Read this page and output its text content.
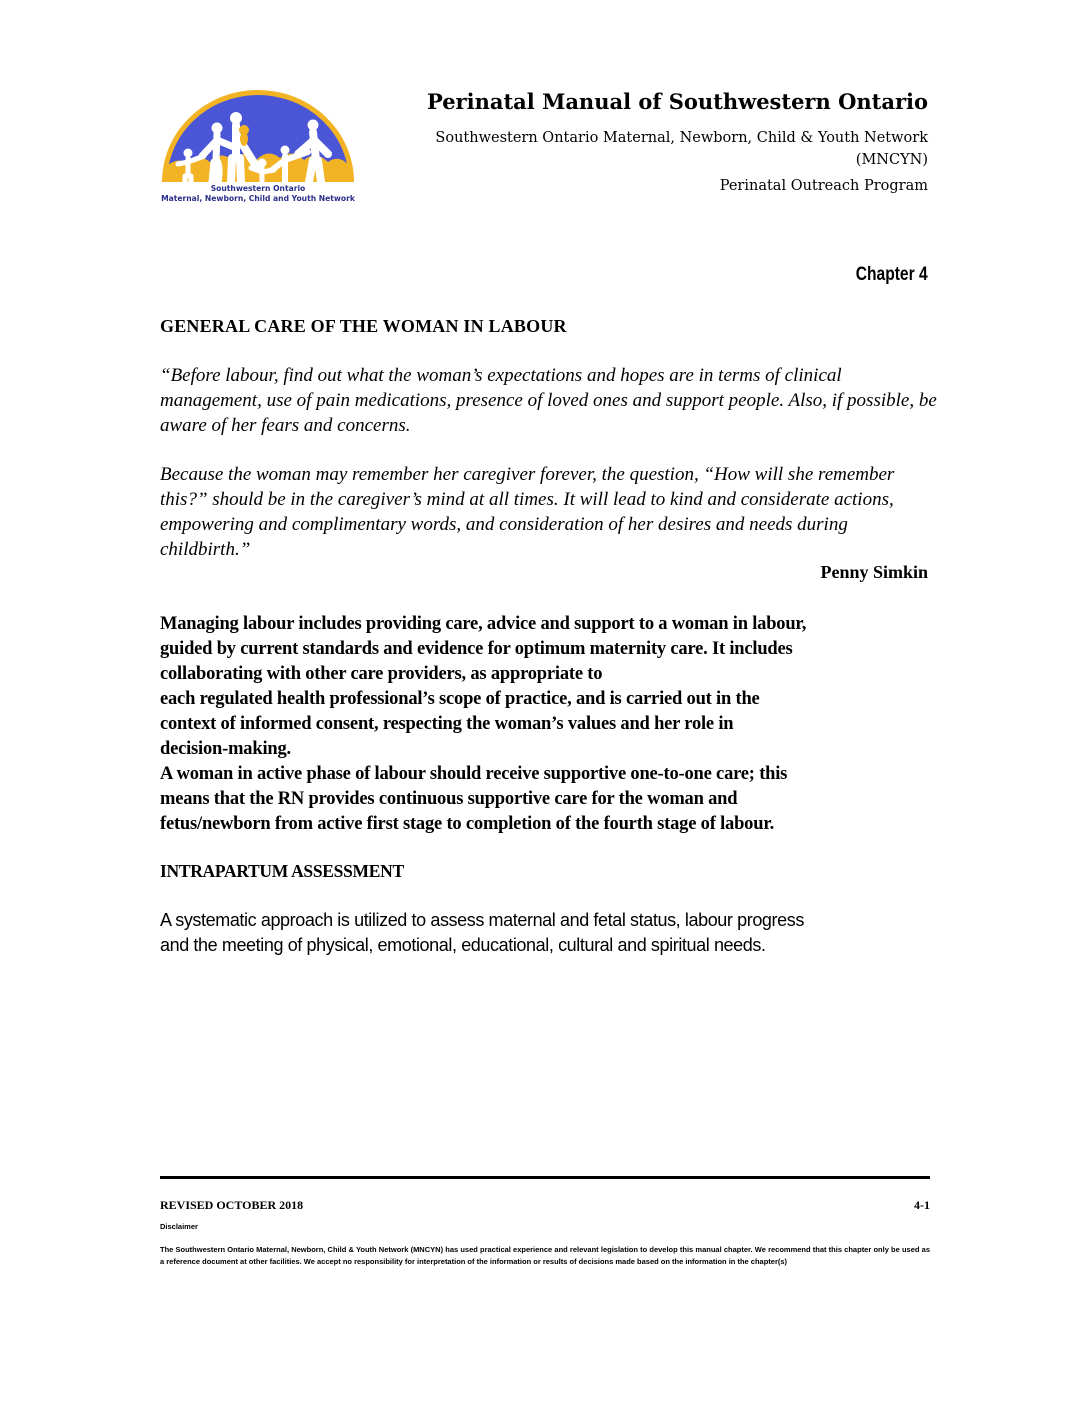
Southwestern Ontario
Maternal, Newborn, Child and Youth Network
Perinatal Manual of Southwestern Ontario
Southwestern Ontario Maternal, Newborn, Child & Youth Network
(MNCYN)
Perinatal Outreach Program
Chapter 4
GENERAL CARE OF THE WOMAN IN LABOUR
“Before labour, find out what the woman’s expectations and hopes are in terms of clinical management, use of pain medications, presence of loved ones and support people. Also, if possible, be aware of her fears and concerns.
Because the woman may remember her caregiver forever, the question, “How will she remember this?” should be in the caregiver’s mind at all times. It will lead to kind and considerate actions, empowering and complimentary words, and consideration of her desires and needs during childbirth.”
Penny Simkin
Managing labour includes providing care, advice and support to a woman in labour,
guided by current standards and evidence for optimum maternity care. It includes
collaborating with other care providers, as appropriate to
each regulated health professional’s scope of practice, and is carried out in the
context of informed consent, respecting the woman’s values and her role in
decision-making.
A woman in active phase of labour should receive supportive one-to-one care; this
means that the RN provides continuous supportive care for the woman and
fetus/newborn from active first stage to completion of the fourth stage of labour.
INTRAPARTUM ASSESSMENT
A systematic approach is utilized to assess maternal and fetal status, labour progress
and the meeting of physical, emotional, educational, cultural and spiritual needs.
REVISED OCTOBER 2018	4-1
Disclaimer
The Southwestern Ontario Maternal, Newborn, Child & Youth Network (MNCYN) has used practical experience and relevant legislation to develop this manual chapter. We recommend that this chapter only be used as a reference document at other facilities. We accept no responsibility for interpretation of the information or results of decisions made based on the information in the chapter(s)
